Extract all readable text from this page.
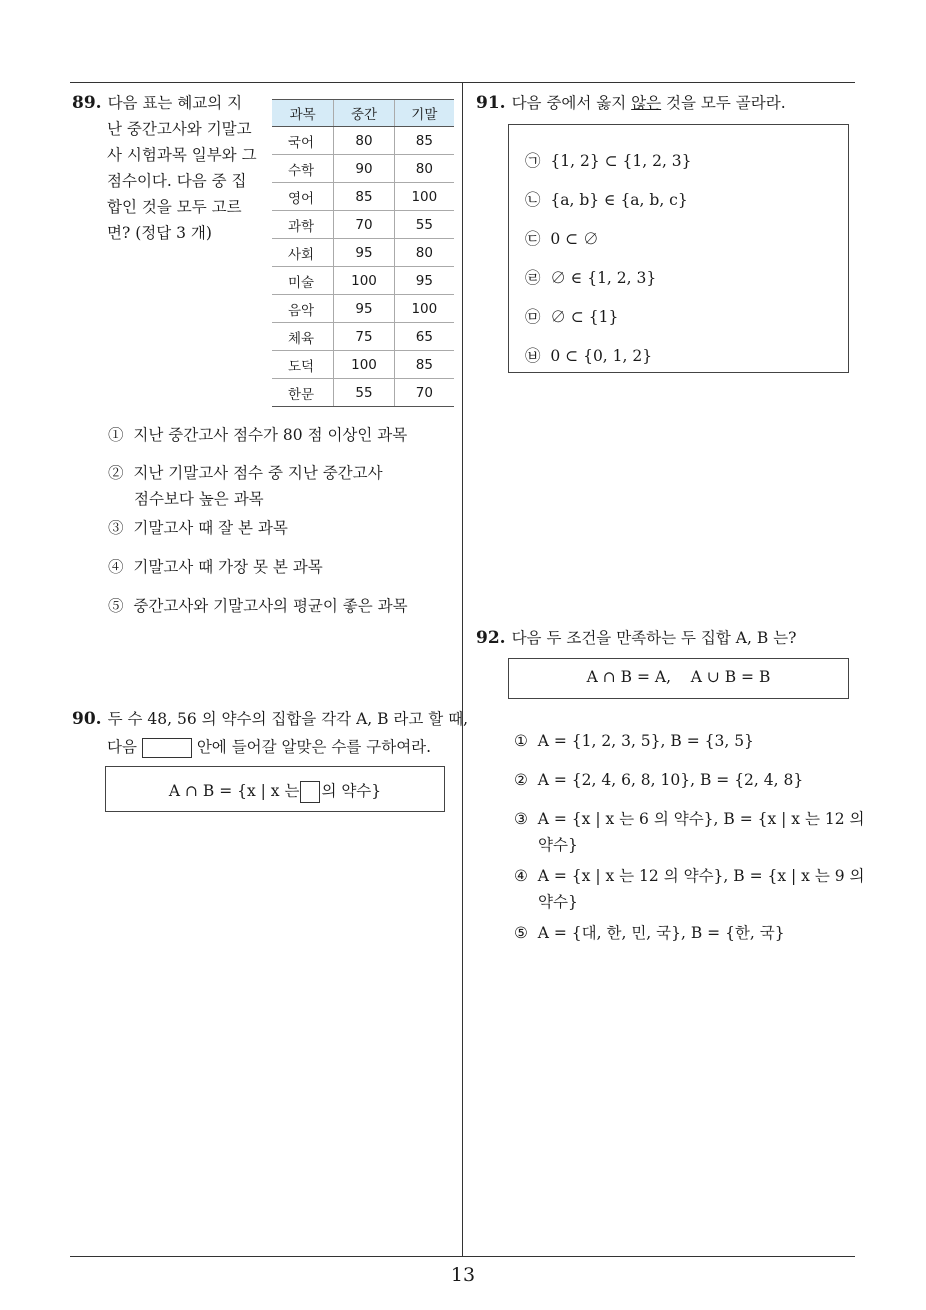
89. 다음 표는 혜교의 지
난 중간고사와 기말고
사 시험과목 일부와 그
점수이다. 다음 중 집
합인 것을 모두 고르
면? (정답 3 개)
과목	중간	기말
국어	80	85
수학	90	80
영어	85	100
과학	70	55
사회	95	80
미술	100	95
음악	95	100
체육	75	65
도덕	100	85
한문	55	70
① 지난 중간고사 점수가 80 점 이상인 과목
② 지난 기말고사 점수 중 지난 중간고사
점수보다 높은 과목
③ 기말고사 때 잘 본 과목
④ 기말고사 때 가장 못 본 과목
⑤ 중간고사와 기말고사의 평균이 좋은 과목
90. 두 수 48, 56 의 약수의 집합을 각각 A, B 라고 할 때,
다음	안에 들어갈 알맞은 수를 구하여라.
A ∩ B = {x | x 는 의 약수}
91. 다음 중에서 옳지 않은 것을 모두 골라라.
㉠ {1, 2} ⊂ {1, 2, 3}
㉡ {a, b} ∈ {a, b, c}
㉢ 0 ⊂ ∅
㉣ ∅ ∈ {1, 2, 3}
㉤ ∅ ⊂ {1}
㉥ 0 ⊂ {0, 1, 2}
92. 다음 두 조건을 만족하는 두 집합 A, B 는?
A ∩ B = A,    A ∪ B = B
① A = {1, 2, 3, 5}, B = {3, 5}
② A = {2, 4, 6, 8, 10}, B = {2, 4, 8}
③ A = {x | x 는 6 의 약수}, B = {x | x 는 12 의
약수}
④ A = {x | x 는 12 의 약수}, B = {x | x 는 9 의
약수}
⑤ A = {대, 한, 민, 국}, B = {한, 국}
13
